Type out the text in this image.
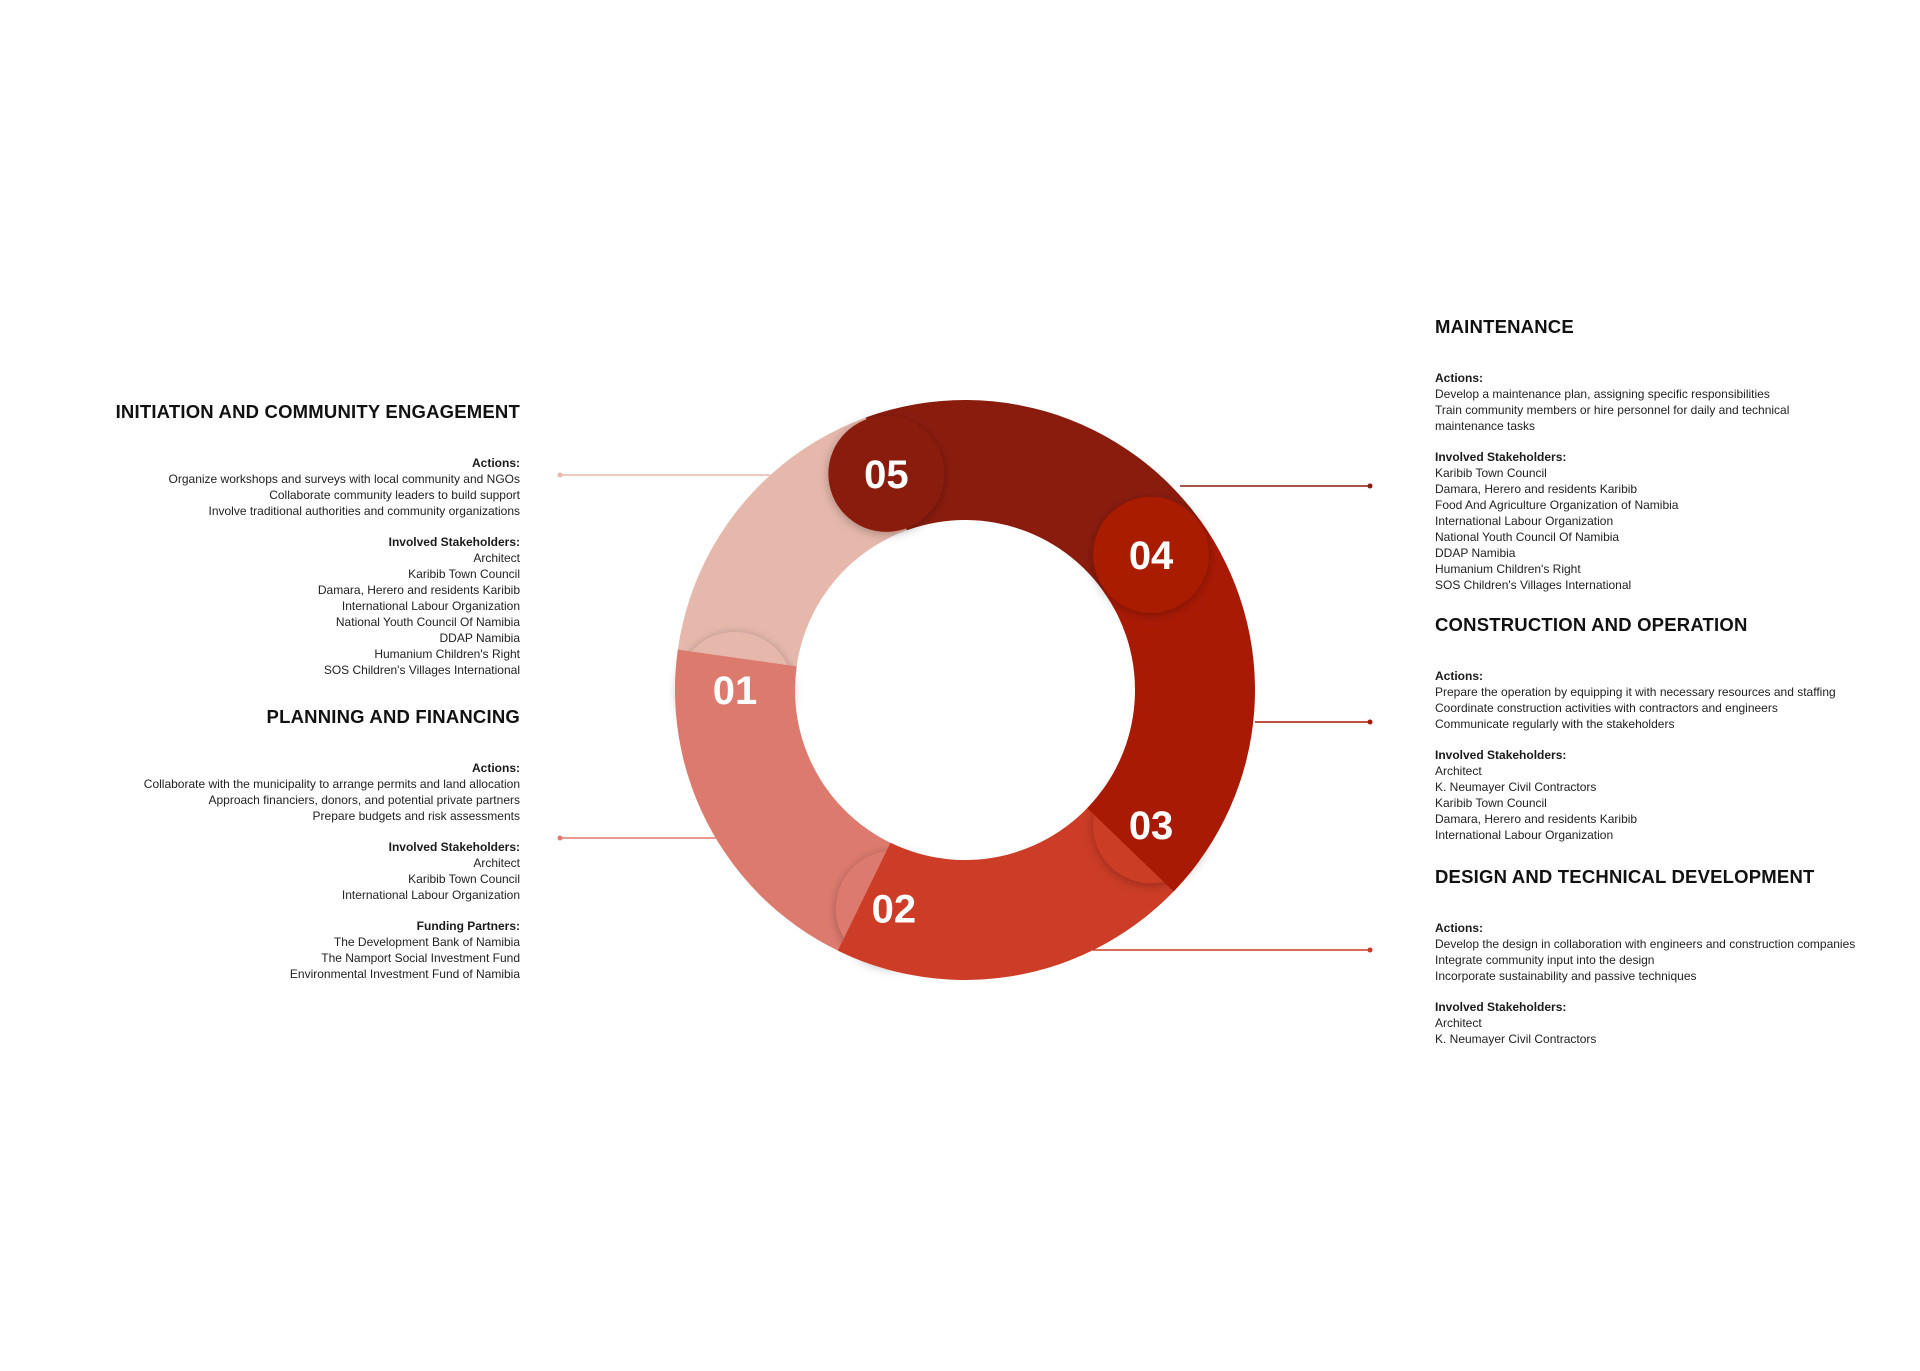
01
05
02
03
04
INITIATION AND COMMUNITY ENGAGEMENT

Actions:

Organize workshops and surveys with local community and NGOs

Collaborate community leaders to build support

Involve traditional authorities and community organizations

Involved Stakeholders:

Architect

Karibib Town Council

Damara, Herero and residents Karibib

International Labour Organization

National Youth Council Of Namibia

DDAP Namibia

Humanium Children's Right

SOS Children's Villages International

PLANNING AND FINANCING

Actions:

Collaborate with the municipality to arrange permits and land allocation

Approach financiers, donors, and potential private partners

Prepare budgets and risk assessments

Involved Stakeholders:

Architect

Karibib Town Council

International Labour Organization

Funding Partners:

The Development Bank of Namibia

The Namport Social Investment Fund

Environmental Investment Fund of Namibia

MAINTENANCE

Actions:

Develop a maintenance plan, assigning specific responsibilities

Train community members or hire personnel for daily and technical

maintenance tasks

Involved Stakeholders:

Karibib Town Council

Damara, Herero and residents Karibib

Food And Agriculture Organization of Namibia

International Labour Organization

National Youth Council Of Namibia

DDAP Namibia

Humanium Children's Right

SOS Children's Villages International

CONSTRUCTION AND OPERATION

Actions:

Prepare the operation by equipping it with necessary resources and staffing

Coordinate construction activities with contractors and engineers

Communicate regularly with the stakeholders

Involved Stakeholders:

Architect

K. Neumayer Civil Contractors

Karibib Town Council

Damara, Herero and residents Karibib

International Labour Organization

DESIGN AND TECHNICAL DEVELOPMENT

Actions:

Develop the design in collaboration with engineers and construction companies

Integrate community input into the design

Incorporate sustainability and passive techniques

Involved Stakeholders:

Architect

K. Neumayer Civil Contractors
